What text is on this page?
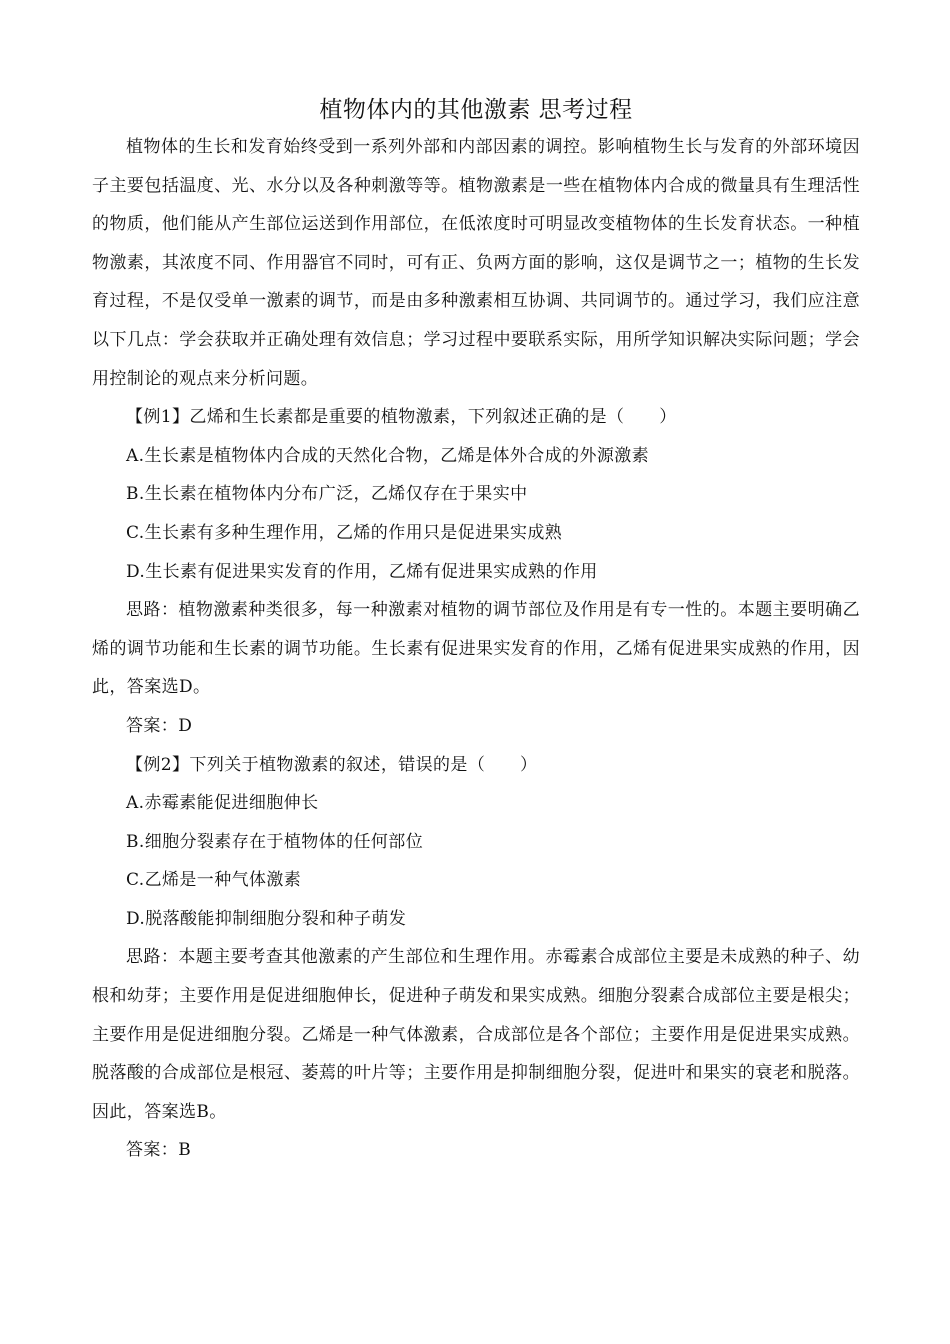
植物体内的其他激素 思考过程

植物体的生长和发育始终受到一系列外部和内部因素的调控。影响植物生长与发育的外部环境因子主要包括温度、光、水分以及各种刺激等等。植物激素是一些在植物体内合成的微量具有生理活性的物质，他们能从产生部位运送到作用部位，在低浓度时可明显改变植物体的生长发育状态。一种植物激素，其浓度不同、作用器官不同时，可有正、负两方面的影响，这仅是调节之一；植物的生长发育过程，不是仅受单一激素的调节，而是由多种激素相互协调、共同调节的。通过学习，我们应注意以下几点：学会获取并正确处理有效信息；学习过程中要联系实际，用所学知识解决实际问题；学会用控制论的观点来分析问题。

【例1】乙烯和生长素都是重要的植物激素，下列叙述正确的是（　　）

A.生长素是植物体内合成的天然化合物，乙烯是体外合成的外源激素

B.生长素在植物体内分布广泛，乙烯仅存在于果实中

C.生长素有多种生理作用，乙烯的作用只是促进果实成熟

D.生长素有促进果实发育的作用，乙烯有促进果实成熟的作用

思路：植物激素种类很多，每一种激素对植物的调节部位及作用是有专一性的。本题主要明确乙烯的调节功能和生长素的调节功能。生长素有促进果实发育的作用，乙烯有促进果实成熟的作用，因此，答案选D。

答案：D

【例2】下列关于植物激素的叙述，错误的是（　　）

A.赤霉素能促进细胞伸长

B.细胞分裂素存在于植物体的任何部位

C.乙烯是一种气体激素

D.脱落酸能抑制细胞分裂和种子萌发

思路：本题主要考查其他激素的产生部位和生理作用。赤霉素合成部位主要是未成熟的种子、幼根和幼芽；主要作用是促进细胞伸长，促进种子萌发和果实成熟。细胞分裂素合成部位主要是根尖；主要作用是促进细胞分裂。乙烯是一种气体激素，合成部位是各个部位；主要作用是促进果实成熟。脱落酸的合成部位是根冠、萎蔫的叶片等；主要作用是抑制细胞分裂，促进叶和果实的衰老和脱落。因此，答案选B。

答案：B
